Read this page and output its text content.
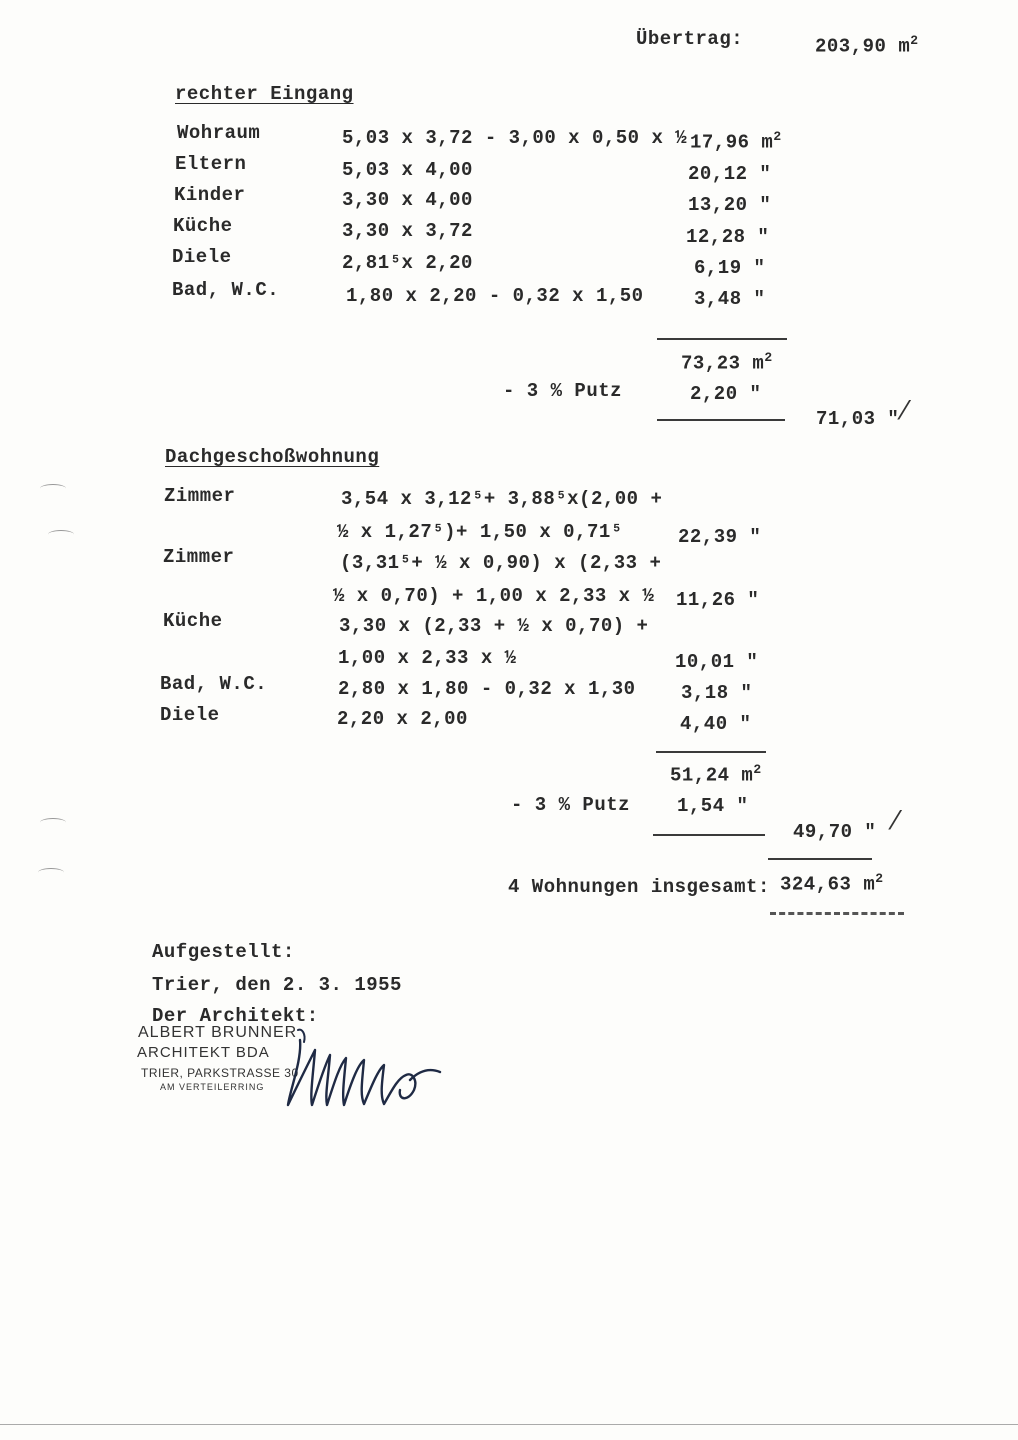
Übertrag:	203,90 $m^2$
rechter Eingang
Wohraum	5,03 x 3,72 - 3,00 x 0,50 x ½ 17,96 $m^2$
Eltern	5,03 x 4,00	20,12 "
Kinder	3,30 x 4,00	13,20 "
Küche	3,30 x 3,72	12,28 "
Diele	2,81⁵x 2,20	6,19 "
Bad, W.C.	1,80 x 2,20 - 0,32 x 1,50	3,48 "
73,23 $m^2$
- 3 % Putz	2,20 "
71,03 " ⁄
Dachgeschoßwohnung
Zimmer	3,54 x 3,12⁵+ 3,88⁵x(2,00 +
½ x 1,27⁵)+ 1,50 x 0,71⁵	22,39 "
Zimmer	(3,31⁵+ ½ x 0,90) x (2,33 +
½ x 0,70) + 1,00 x 2,33 x ½ 11,26 "
Küche	3,30 x (2,33 + ½ x 0,70) +
1,00 x 2,33 x ½	10,01 "
Bad, W.C.	2,80 x 1,80 - 0,32 x 1,30 3,18 "
Diele	2,20 x 2,00	4,40 "
51,24 $m^2$
- 3 % Putz 1,54 "
49,70 " ⁄
4 Wohnungen insgesamt: 324,63 $m^2$
Aufgestellt:
Trier, den 2. 3. 1955
Der Architekt:
ALBERT BRUNNER
ARCHITEKT BDA
TRIER, PARKSTRASSE 30
AM VERTEILERRING
